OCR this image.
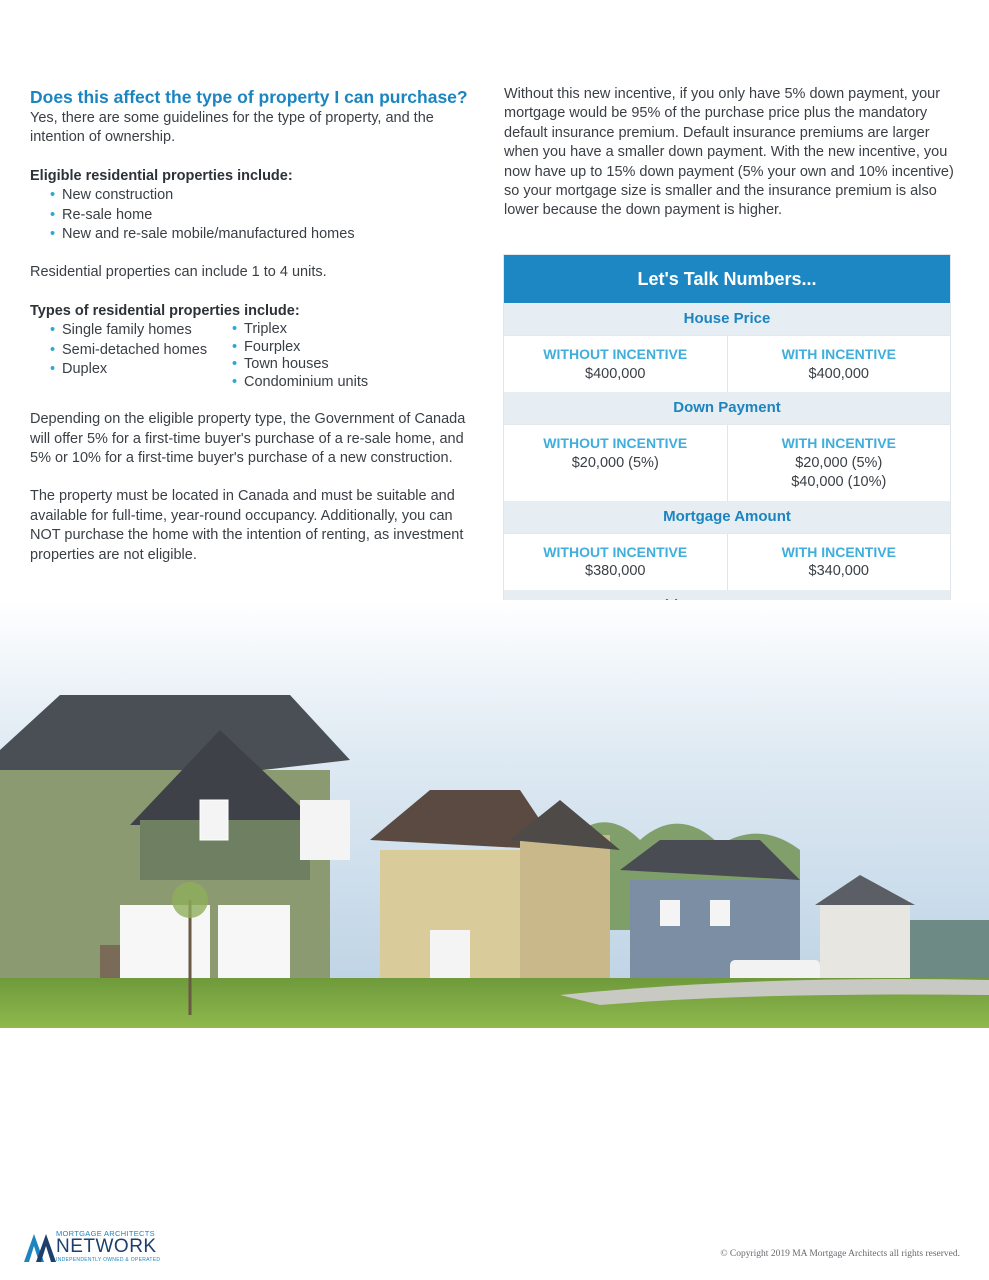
Does this affect the type of property I can purchase?

Yes, there are some guidelines for the type of property, and the intention of ownership.

Eligible residential properties include:

• New construction
• Re-sale home
• New and re-sale mobile/manufactured homes

Residential properties can include 1 to 4 units.

Types of residential properties include:

• Single family homes
• Semi-detached homes
• Duplex
• Triplex
• Fourplex
• Town houses
• Condominium units

Depending on the eligible property type, the Government of Canada will offer 5% for a first-time buyer's purchase of a re-sale home, and 5% or 10% for a first-time buyer's purchase of a new construction.

The property must be located in Canada and must be suitable and available for full-time, year-round occupancy. Additionally, you can NOT purchase the home with the intention of renting, as investment properties are not eligible.

Without this new incentive, if you only have 5% down payment, your mortgage would be 95% of the purchase price plus the mandatory default insurance premium. Default insurance premiums are larger when you have a smaller down payment. With the new incentive, you now have up to 15% down payment (5% your own and 10% incentive) so your mortgage size is smaller and the insurance premium is also lower because the down payment is higher.

Let's Talk Numbers...
House Price
WITHOUT INCENTIVE
$400,000
WITH INCENTIVE
$400,000
Down Payment
WITHOUT INCENTIVE
$20,000 (5%)
WITH INCENTIVE
$20,000 (5%)
$40,000 (10%)
Mortgage Amount
WITHOUT INCENTIVE
$380,000
WITH INCENTIVE
$340,000
MORTGAGE ARCHITECTS
NETWORK
INDEPENDENTLY OWNED & OPERATED
© Copyright 2019 MA Mortgage Architects all rights reserved.
